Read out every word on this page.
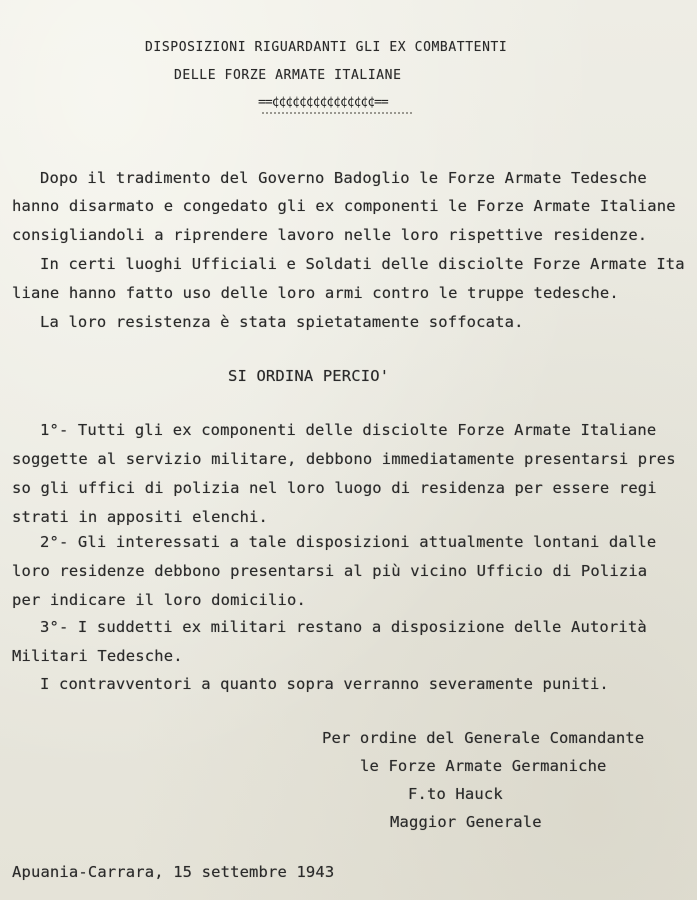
DISPOSIZIONI RIGUARDANTI GLI EX COMBATTENTI
DELLE FORZE ARMATE ITALIANE
==¢¢¢¢¢¢¢¢¢¢¢¢¢¢¢==
Dopo il tradimento del Governo Badoglio le Forze Armate Tedesche
hanno disarmato e congedato gli ex componenti le Forze Armate Italiane
consigliandoli a riprendere lavoro nelle loro rispettive residenze.
In certi luoghi Ufficiali e Soldati delle disciolte Forze Armate Ita
liane hanno fatto uso delle loro armi contro le truppe tedesche.
La loro resistenza è stata spietatamente soffocata.
SI ORDINA PERCIO'
1°- Tutti gli ex componenti delle disciolte Forze Armate Italiane
soggette al servizio militare, debbono immediatamente presentarsi pres
so gli uffici di polizia nel loro luogo di residenza per essere regi
strati in appositi elenchi.
2°- Gli interessati a tale disposizioni attualmente lontani dalle
loro residenze debbono presentarsi al più vicino Ufficio di Polizia
per indicare il loro domicilio.
3°- I suddetti ex militari restano a disposizione delle Autorità
Militari Tedesche.
I contravventori a quanto sopra verranno severamente puniti.
Per ordine del Generale Comandante
le Forze Armate Germaniche
F.to Hauck
Maggior Generale
Apuania-Carrara, 15 settembre 1943
